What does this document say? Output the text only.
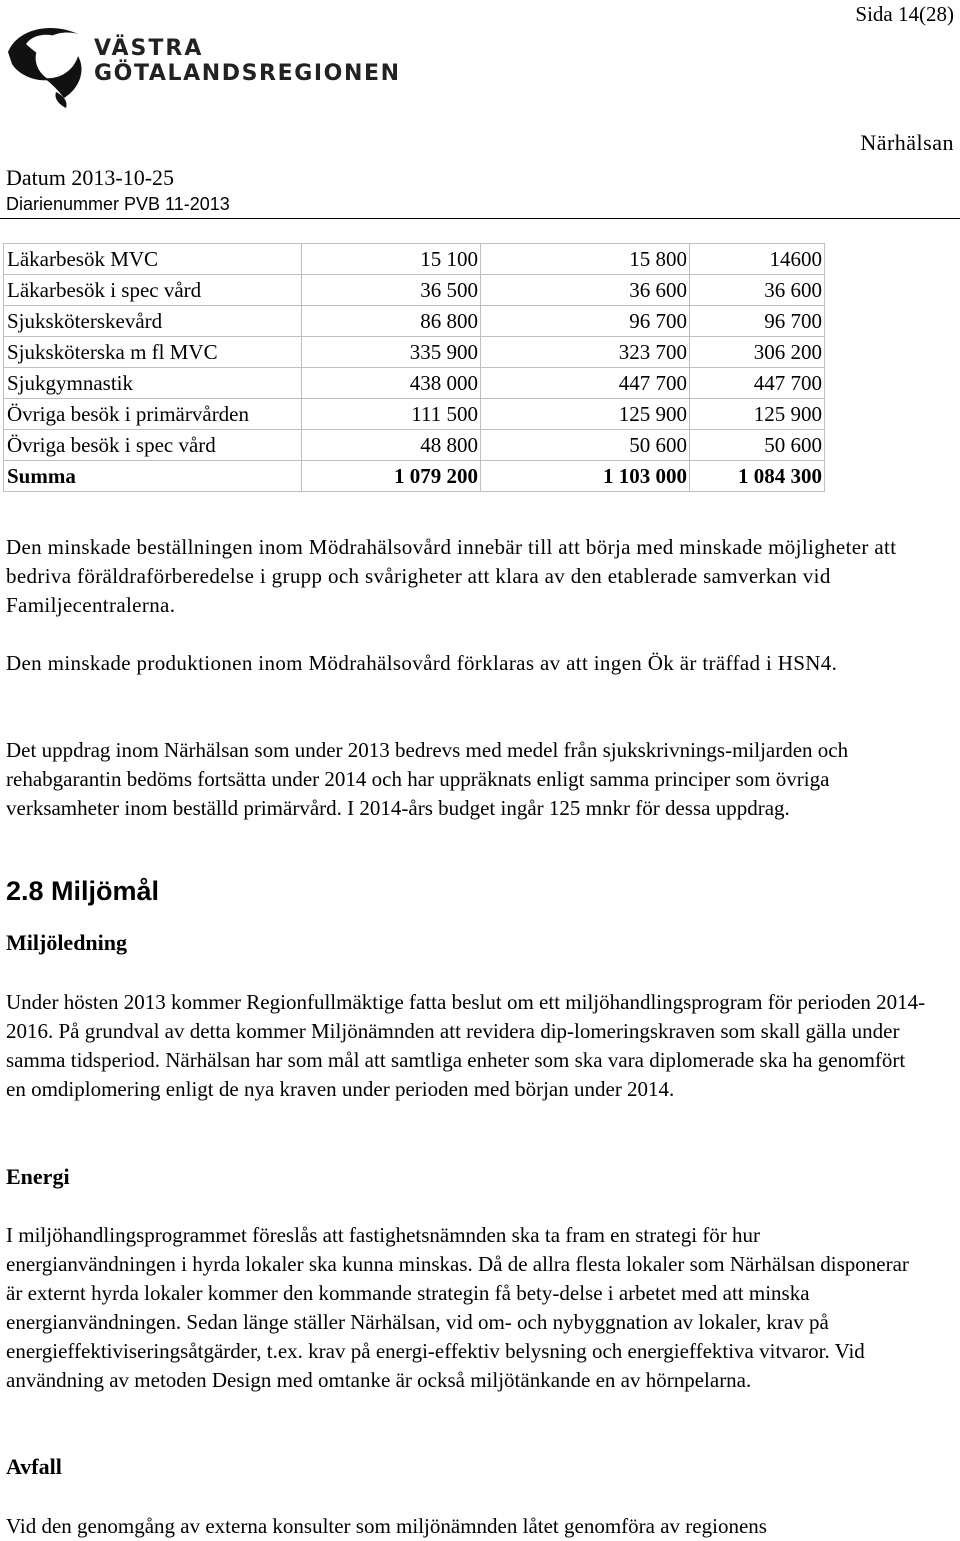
Sida 14(28)
VÄSTRA
GÖTALANDSREGIONEN
Närhälsan
Datum 2013-10-25
Diarienummer PVB 11-2013
Läkarbesök MVC	15 100	15 800	14600
Läkarbesök i spec vård	36 500	36 600	36 600
Sjuksköterskevård	86 800	96 700	96 700
Sjuksköterska m fl MVC	335 900	323 700	306 200
Sjukgymnastik	438 000	447 700	447 700
Övriga besök i primärvården	111 500	125 900	125 900
Övriga besök i spec vård	48 800	50 600	50 600
Summa	1 079 200	1 103 000	1 084 300
Den minskade beställningen inom Mödrahälsovård innebär till att börja med minskade möjligheter att bedriva föräldraförberedelse i grupp och svårigheter att klara av den etablerade samverkan vid Familjecentralerna.
Den minskade produktionen inom Mödrahälsovård förklaras av att ingen Ök är träffad i HSN4.
Det uppdrag inom Närhälsan som under 2013 bedrevs med medel från sjukskrivnings-miljarden och rehabgarantin bedöms fortsätta under 2014 och har uppräknats enligt samma principer som övriga verksamheter inom beställd primärvård. I 2014-års budget ingår 125 mnkr för dessa uppdrag.
2.8 Miljömål
Miljöledning
Under hösten 2013 kommer Regionfullmäktige fatta beslut om ett miljöhandlingsprogram för perioden 2014-2016. På grundval av detta kommer Miljönämnden att revidera dip-lomeringskraven som skall gälla under samma tidsperiod. Närhälsan har som mål att samtliga enheter som ska vara diplomerade ska ha genomfört en omdiplomering enligt de nya kraven under perioden med början under 2014.
Energi
I miljöhandlingsprogrammet föreslås att fastighetsnämnden ska ta fram en strategi för hur energianvändningen i hyrda lokaler ska kunna minskas. Då de allra flesta lokaler som Närhälsan disponerar är externt hyrda lokaler kommer den kommande strategin få bety-delse i arbetet med att minska energianvändningen. Sedan länge ställer Närhälsan, vid om- och nybyggnation av lokaler, krav på energieffektiviseringsåtgärder, t.ex. krav på energi-effektiv belysning och energieffektiva vitvaror. Vid användning av metoden Design med omtanke är också miljötänkande en av hörnpelarna.
Avfall
Vid den genomgång av externa konsulter som miljönämnden låtet genomföra av regionens
